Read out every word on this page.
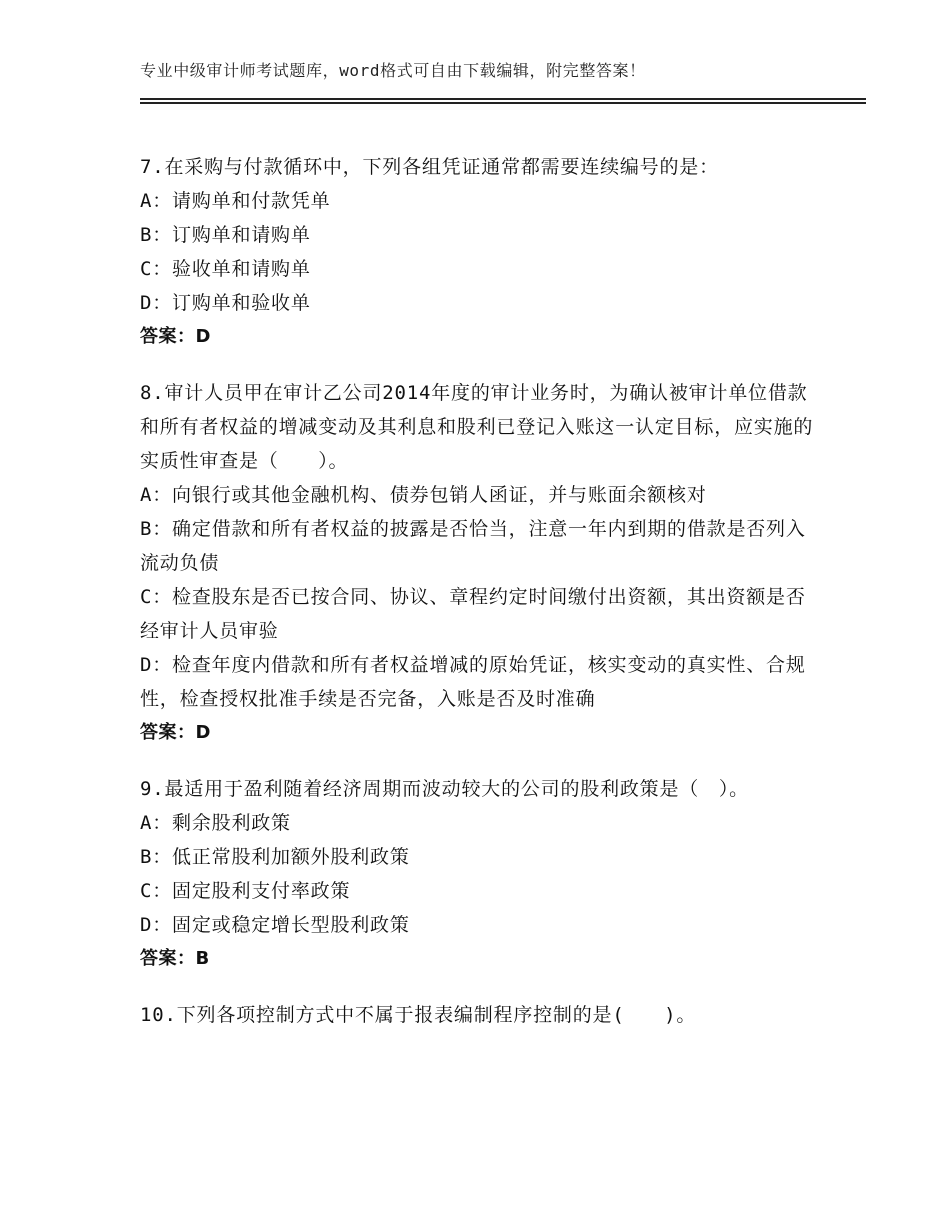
专业中级审计师考试题库，word格式可自由下载编辑，附完整答案！
7.在采购与付款循环中，下列各组凭证通常都需要连续编号的是：
A：请购单和付款凭单
B：订购单和请购单
C：验收单和请购单
D：订购单和验收单
答案：D
8.审计人员甲在审计乙公司2014年度的审计业务时，为确认被审计单位借款和所有者权益的增减变动及其利息和股利已登记入账这一认定目标，应实施的实质性审查是（　　）。
A：向银行或其他金融机构、债券包销人函证，并与账面余额核对
B：确定借款和所有者权益的披露是否恰当，注意一年内到期的借款是否列入流动负债
C：检查股东是否已按合同、协议、章程约定时间缴付出资额，其出资额是否经审计人员审验
D：检查年度内借款和所有者权益增减的原始凭证，核实变动的真实性、合规性，检查授权批准手续是否完备，入账是否及时准确
答案：D
9.最适用于盈利随着经济周期而波动较大的公司的股利政策是（　）。
A：剩余股利政策
B：低正常股利加额外股利政策
C：固定股利支付率政策
D：固定或稳定增长型股利政策
答案：B
10.下列各项控制方式中不属于报表编制程序控制的是(　　)。
